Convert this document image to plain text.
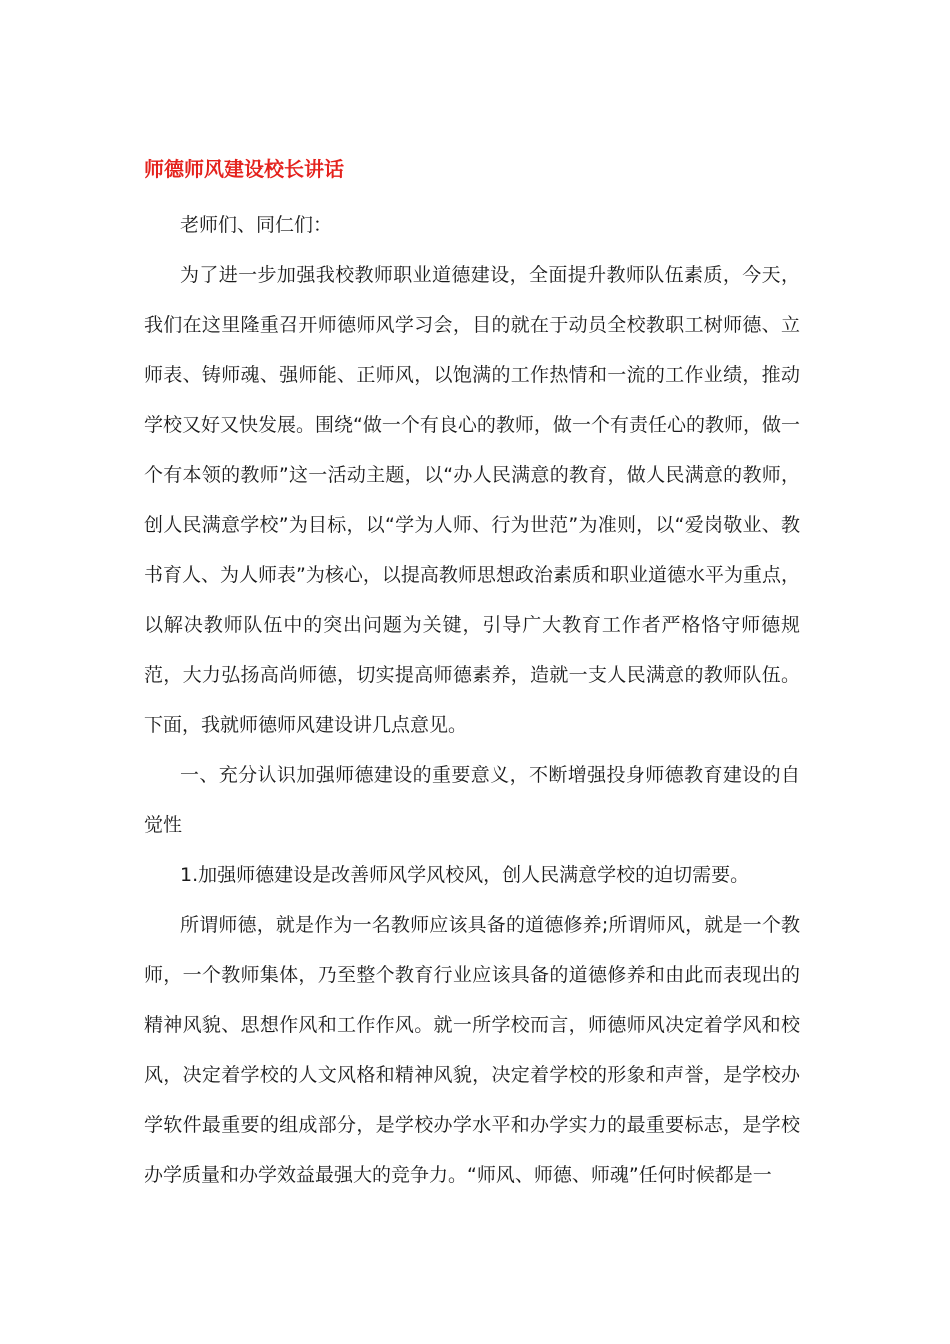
师德师风建设校长讲话

老师们、同仁们：

为了进一步加强我校教师职业道德建设，全面提升教师队伍素质，今天，我们在这里隆重召开师德师风学习会，目的就在于动员全校教职工树师德、立师表、铸师魂、强师能、正师风，以饱满的工作热情和一流的工作业绩，推动学校又好又快发展。围绕“做一个有良心的教师，做一个有责任心的教师，做一个有本领的教师”这一活动主题，以“办人民满意的教育，做人民满意的教师，创人民满意学校”为目标，以“学为人师、行为世范”为准则，以“爱岗敬业、教书育人、为人师表”为核心，以提高教师思想政治素质和职业道德水平为重点，以解决教师队伍中的突出问题为关键，引导广大教育工作者严格恪守师德规范，大力弘扬高尚师德，切实提高师德素养，造就一支人民满意的教师队伍。 下面，我就师德师风建设讲几点意见。

一、充分认识加强师德建设的重要意义，不断增强投身师德教育建设的自觉性

1.加强师德建设是改善师风学风校风，创人民满意学校的迫切需要。

所谓师德，就是作为一名教师应该具备的道德修养;所谓师风，就是一个教师，一个教师集体，乃至整个教育行业应该具备的道德修养和由此而表现出的精神风貌、思想作风和工作作风。就一所学校而言，师德师风决定着学风和校风，决定着学校的人文风格和精神风貌，决定着学校的形象和声誉，是学校办学软件最重要的组成部分，是学校办学水平和办学实力的最重要标志，是学校办学质量和办学效益最强大的竞争力。“师风、师德、师魂”任何时候都是一
